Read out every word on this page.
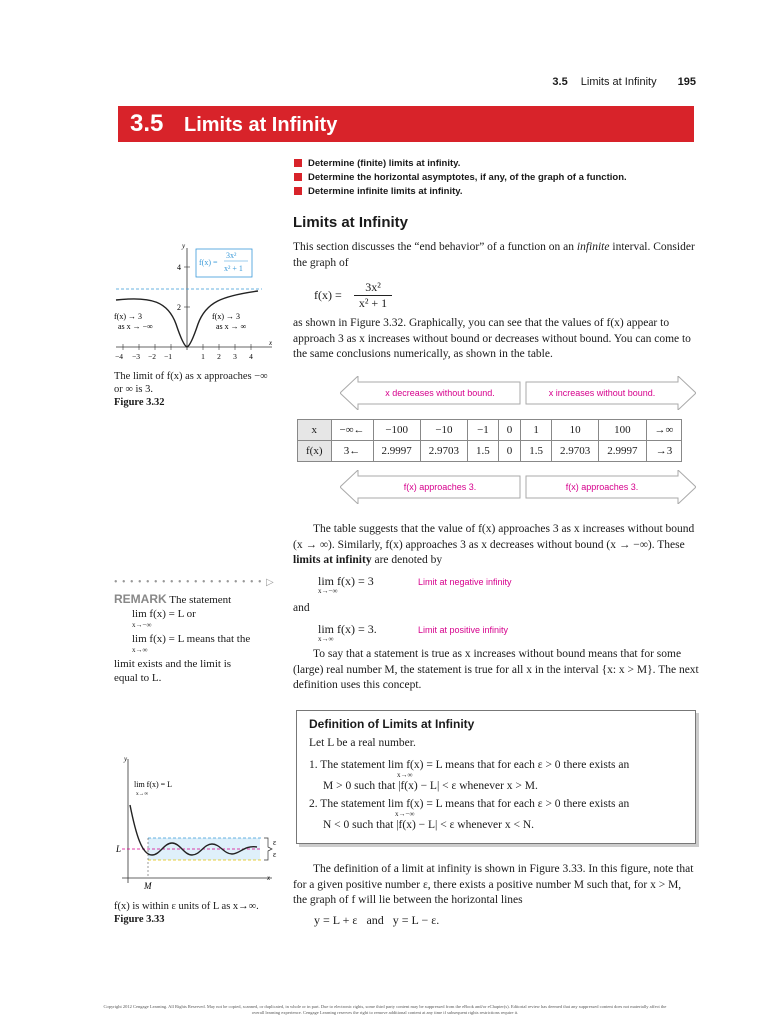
3.5 Limits at Infinity 195
3.5 Limits at Infinity
Determine (finite) limits at infinity.
Determine the horizontal asymptotes, if any, of the graph of a function.
Determine infinite limits at infinity.
Limits at Infinity
This section discusses the “end behavior” of a function on an infinite interval. Consider
the graph of
f(x) =
3x²
x² + 1
as shown in Figure 3.32. Graphically, you can see that the values of f(x) appear to
approach 3 as x increases without bound or decreases without bound. You can come to
the same conclusions numerically, as shown in the table.
x decreases without bound.	x increases without bound.
x	−∞←	−100	−10	−1	0	1	10	100	→∞
f(x)	3←	2.9997	2.9703	1.5	0	1.5	2.9703	2.9997	→3
f(x) approaches 3.	f(x) approaches 3.
The table suggests that the value of f(x) approaches 3 as x increases without bound
(x → ∞). Similarly, f(x) approaches 3 as x decreases without bound (x → −∞). These
limits at infinity are denoted by
lim f(x) = 3
x→−∞
Limit at negative infinity
and
lim f(x) = 3.
x→∞
Limit at positive infinity
To say that a statement is true as x increases without bound means that for some
(large) real number M, the statement is true for all x in the interval {x: x > M}. The next
definition uses this concept.
Definition of Limits at Infinity
Let L be a real number.
1. The statement lim f(x) = L means that for each ε > 0 there exists an
x→∞
M > 0 such that |f(x) − L| < ε whenever x > M.
2. The statement lim f(x) = L means that for each ε > 0 there exists an
x→−∞
N < 0 such that |f(x) − L| < ε whenever x < N.
The definition of a limit at infinity is shown in Figure 3.33. In this figure, note that
for a given positive number ε, there exists a positive number M such that, for x > M,
the graph of f will lie between the horizontal lines
y = L + ε   and   y = L − ε.
• • • • • • • • • • • • • • • • • • • ▷
REMARK The statement
lim f(x) = L or
x→−∞
lim f(x) = L means that the
x→∞
limit exists and the limit is
equal to L.
y
x
4
2
−4 −3 −2 −1	1 2 3 4
f(x) =
3x²
x² + 1
f(x) → 3
as x → −∞
f(x) → 3
as x → ∞
The limit of f(x) as x approaches −∞
or ∞ is 3.
Figure 3.32
y
x
L
M
ε
ε
lim f(x) = L
x→∞
f(x) is within ε units of L as x→∞.
Figure 3.33
Copyright 2012 Cengage Learning. All Rights Reserved. May not be copied, scanned, or duplicated, in whole or in part. Due to electronic rights, some third party content may be suppressed from the eBook and/or eChapter(s). Editorial review has deemed that any suppressed content does not materially affect the overall learning experience. Cengage Learning reserves the right to remove additional content at any time if subsequent rights restrictions require it.
